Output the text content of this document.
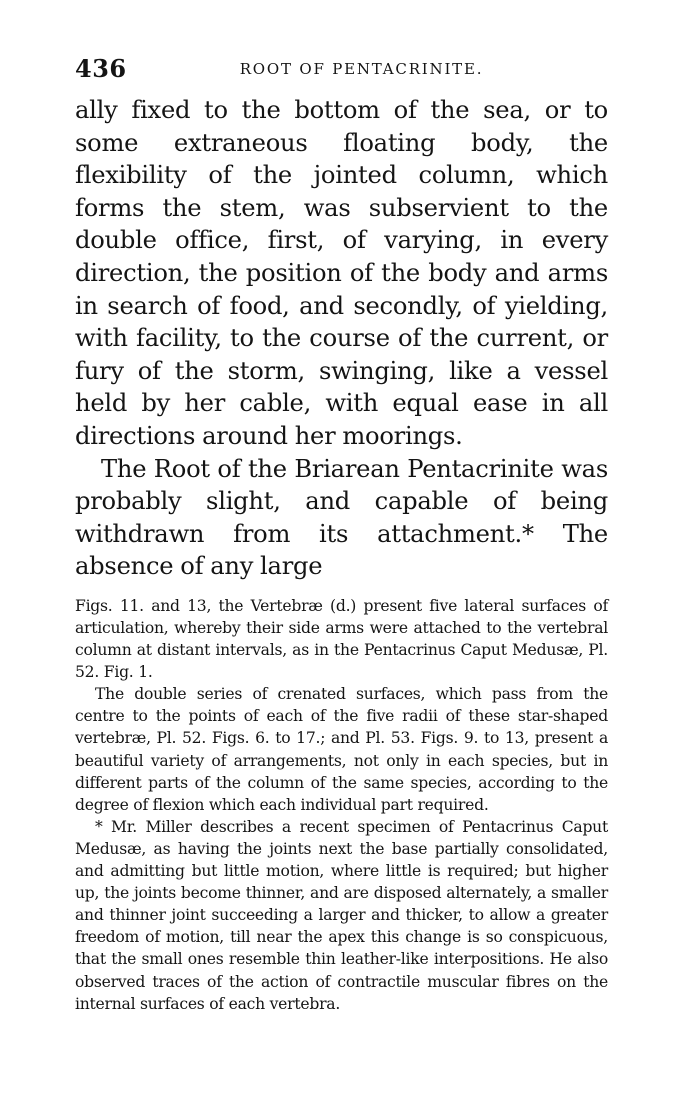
436	ROOT OF PENTACRINITE.

ally fixed to the bottom of the sea, or to some extraneous floating body, the flexibility of the jointed column, which forms the stem, was subservient to the double office, first, of varying, in every direction, the position of the body and arms in search of food, and secondly, of yielding, with facility, to the course of the current, or fury of the storm, swinging, like a vessel held by her cable, with equal ease in all directions around her moorings.

The Root of the Briarean Pentacrinite was probably slight, and capable of being withdrawn from its attachment.* The absence of any large

Figs. 11. and 13, the Vertebræ (d.) present five lateral surfaces of articulation, whereby their side arms were attached to the vertebral column at distant intervals, as in the Pentacrinus Caput Medusæ, Pl. 52. Fig. 1.

The double series of crenated surfaces, which pass from the centre to the points of each of the five radii of these star-shaped vertebræ, Pl. 52. Figs. 6. to 17.; and Pl. 53. Figs. 9. to 13, present a beautiful variety of arrangements, not only in each species, but in different parts of the column of the same species, according to the degree of flexion which each individual part required.

* Mr. Miller describes a recent specimen of Pentacrinus Caput Medusæ, as having the joints next the base partially consolidated, and admitting but little motion, where little is required; but higher up, the joints become thinner, and are disposed alternately, a smaller and thinner joint succeeding a larger and thicker, to allow a greater freedom of motion, till near the apex this change is so conspicuous, that the small ones resemble thin leather-like interpositions. He also observed traces of the action of contractile muscular fibres on the internal surfaces of each vertebra.
